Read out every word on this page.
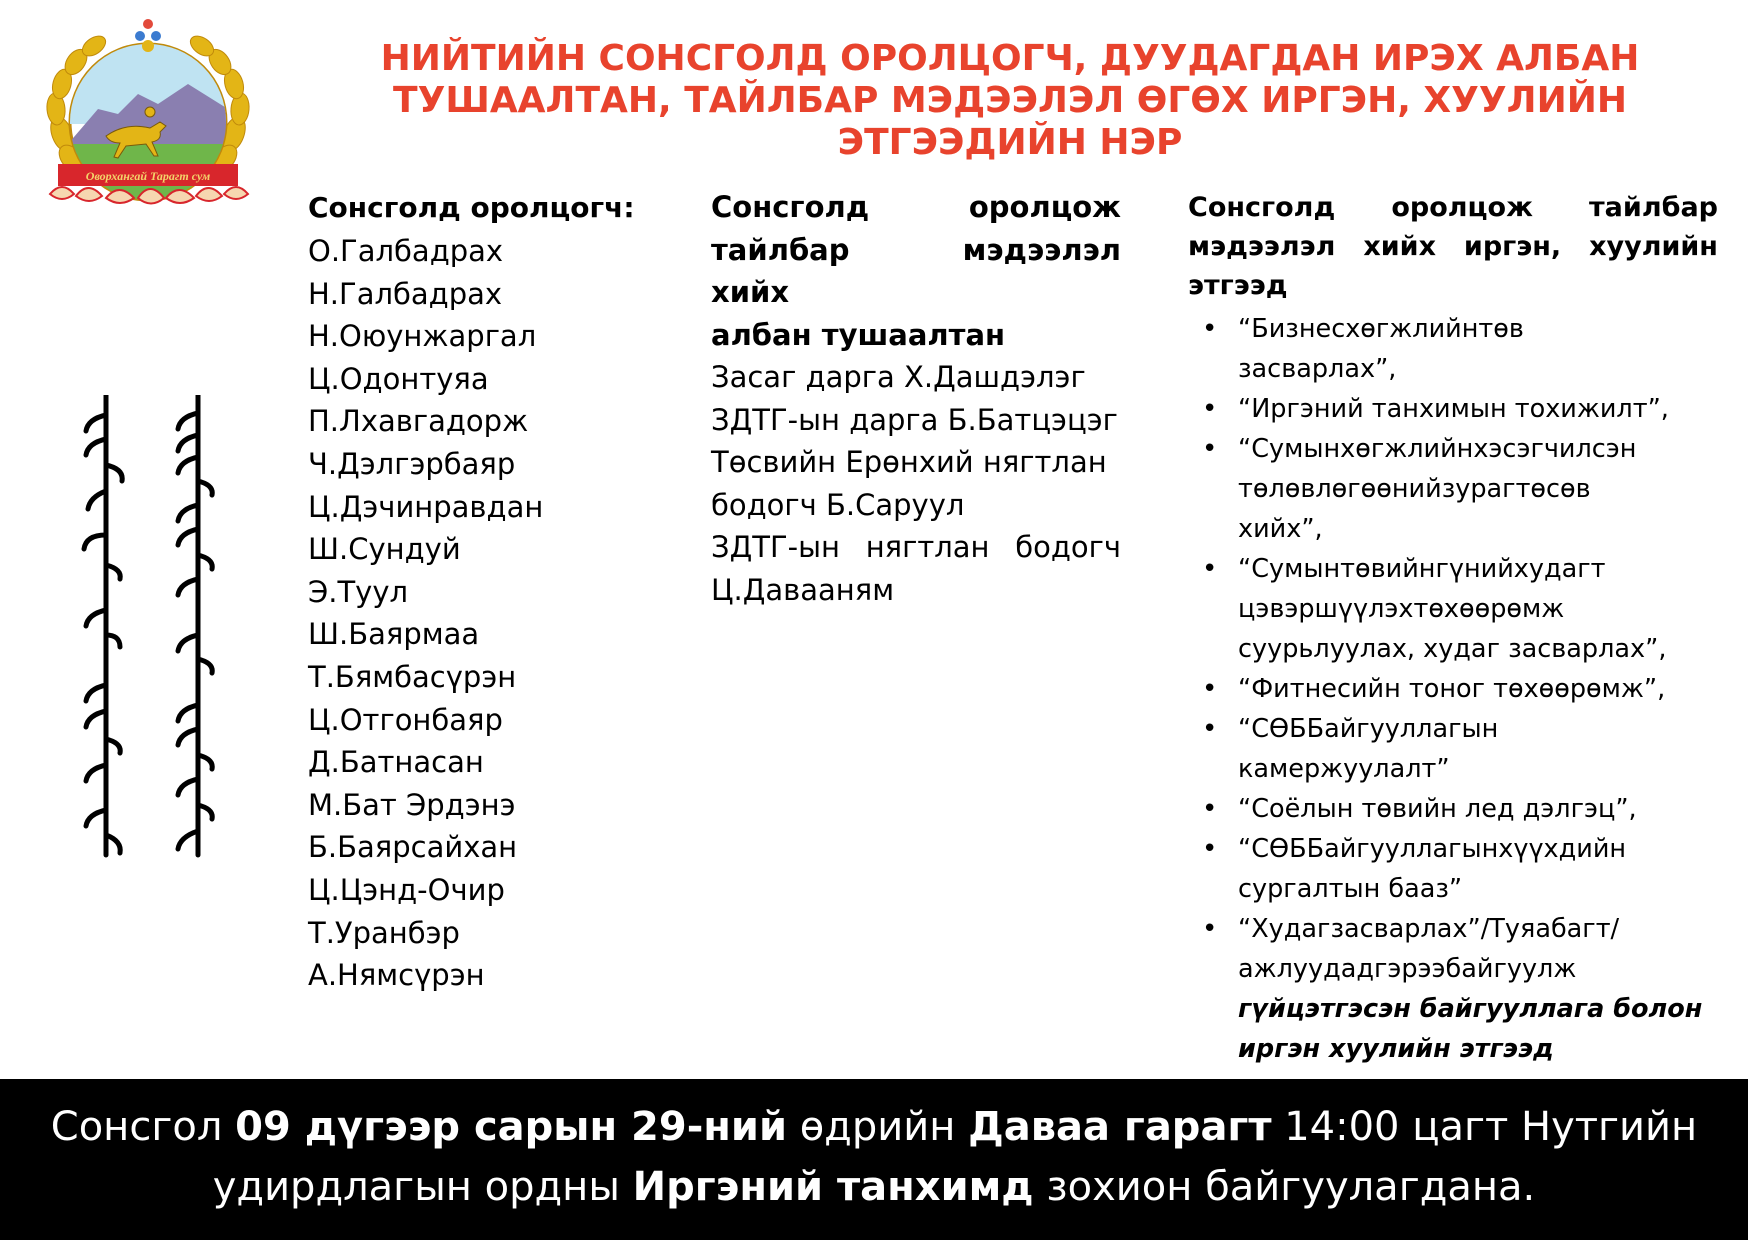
Оворхангай Тарагт сум
НИЙТИЙН СОНСГОЛД ОРОЛЦОГЧ, ДУУДАГДАН ИРЭХ АЛБАН
ТУШААЛТАН, ТАЙЛБАР МЭДЭЭЛЭЛ ӨГӨХ ИРГЭН, ХУУЛИЙН
ЭТГЭЭДИЙН НЭР
Сонсголд оролцогч:
О.Галбадрах
Н.Галбадрах
Н.Оюунжаргал
Ц.Одонтуяа
П.Лхавгадорж
Ч.Дэлгэрбаяр
Ц.Дэчинравдан
Ш.Сундуй
Э.Туул
Ш.Баярмаа
Т.Бямбасүрэн
Ц.Отгонбаяр
Д.Батнасан
М.Бат Эрдэнэ
Б.Баярсайхан
Ц.Цэнд-Очир
Т.Уранбэр
А.Нямсүрэн
Сонсголд	оролцож
тайлбар мэдээлэл хийх
албан тушаалтан
Засаг дарга Х.Дашдэлэг
ЗДТГ-ын дарга Б.Батцэцэг
Төсвийн Ерөнхий нягтлан
бодогч Б.Саруул
ЗДТГ-ын нягтлан бодогч
Ц.Давааням
Сонсголд оролцож тайлбар
мэдээлэл хийх иргэн, хуулийн
этгээд
• “Бизнесхөгжлийнтөв
засварлах”,
• “Иргэний танхимын тохижилт”,
• “Сумынхөгжлийнхэсэгчилсэн
төлөвлөгөөнийзурагтөсөв
хийх”,
• “Сумынтөвийнгүнийхудагт
цэвэршүүлэхтөхөөрөмж
суурьлуулах, худаг засварлах”,
• “Фитнесийн тоног төхөөрөмж”,
• “СӨББайгууллагын
камержуулалт”
• “Соёлын төвийн лед дэлгэц”,
• “СӨББайгууллагынхүүхдийн
сургалтын бааз”
• “Худагзасварлах”/Туяабагт/
ажлуудадгэрээбайгуулж
гүйцэтгэсэн байгууллага болон
иргэн хуулийн этгээд
Сонсгол 09 дүгээр сарын 29-ний өдрийн Даваа гарагт 14:00 цагт Нутгийн
удирдлагын ордны Иргэний танхимд зохион байгуулагдана.
